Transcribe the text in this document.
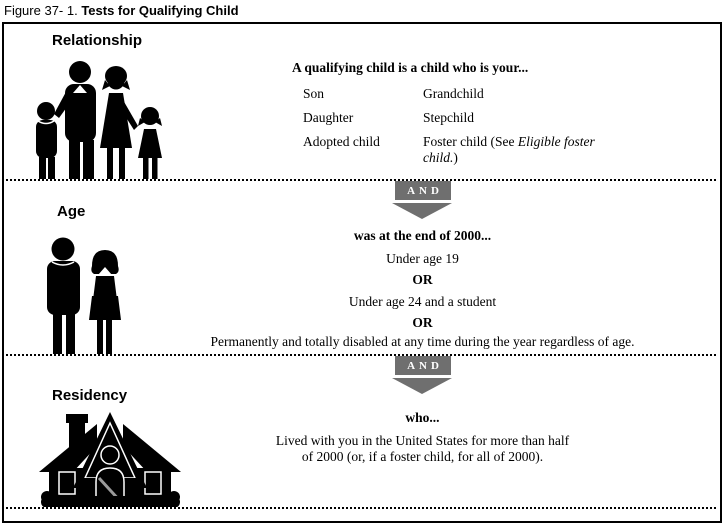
Figure 37- 1. Tests for Qualifying Child
Relationship
A qualifying child is a child who is your...
Son
Daughter
Adopted child
Grandchild
Stepchild
Foster child (See Eligible foster child.)
AND
Age
was at the end of 2000...
Under age 19
OR
Under age 24 and a student
OR
Permanently and totally disabled at any time during the year regardless of age.
AND
Residency
who...
Lived with you in the United States for more than half
of 2000 (or, if a foster child, for all of 2000).
